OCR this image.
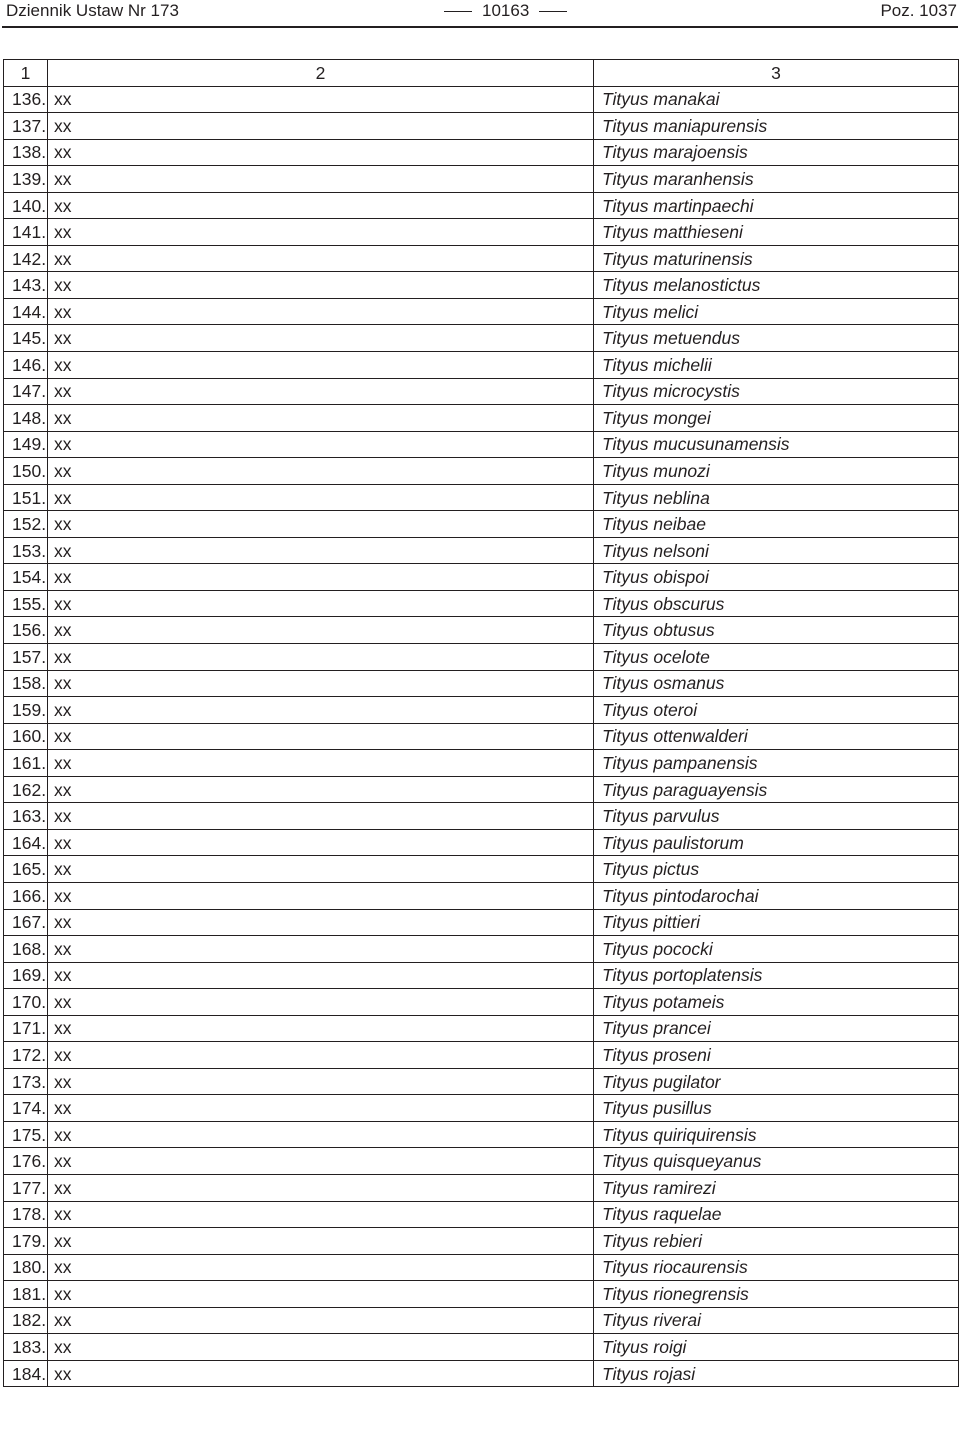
Dziennik Ustaw Nr 173	10163	Poz. 1037
1	2	3
136.	xx	Tityus manakai
137.	xx	Tityus maniapurensis
138.	xx	Tityus marajoensis
139.	xx	Tityus maranhensis
140.	xx	Tityus martinpaechi
141.	xx	Tityus matthieseni
142.	xx	Tityus maturinensis
143.	xx	Tityus melanostictus
144.	xx	Tityus melici
145.	xx	Tityus metuendus
146.	xx	Tityus michelii
147.	xx	Tityus microcystis
148.	xx	Tityus mongei
149.	xx	Tityus mucusunamensis
150.	xx	Tityus munozi
151.	xx	Tityus neblina
152.	xx	Tityus neibae
153.	xx	Tityus nelsoni
154.	xx	Tityus obispoi
155.	xx	Tityus obscurus
156.	xx	Tityus obtusus
157.	xx	Tityus ocelote
158.	xx	Tityus osmanus
159.	xx	Tityus oteroi
160.	xx	Tityus ottenwalderi
161.	xx	Tityus pampanensis
162.	xx	Tityus paraguayensis
163.	xx	Tityus parvulus
164.	xx	Tityus paulistorum
165.	xx	Tityus pictus
166.	xx	Tityus pintodarochai
167.	xx	Tityus pittieri
168.	xx	Tityus pococki
169.	xx	Tityus portoplatensis
170.	xx	Tityus potameis
171.	xx	Tityus prancei
172.	xx	Tityus proseni
173.	xx	Tityus pugilator
174.	xx	Tityus pusillus
175.	xx	Tityus quiriquirensis
176.	xx	Tityus quisqueyanus
177.	xx	Tityus ramirezi
178.	xx	Tityus raquelae
179.	xx	Tityus rebieri
180.	xx	Tityus riocaurensis
181.	xx	Tityus rionegrensis
182.	xx	Tityus riverai
183.	xx	Tityus roigi
184.	xx	Tityus rojasi
